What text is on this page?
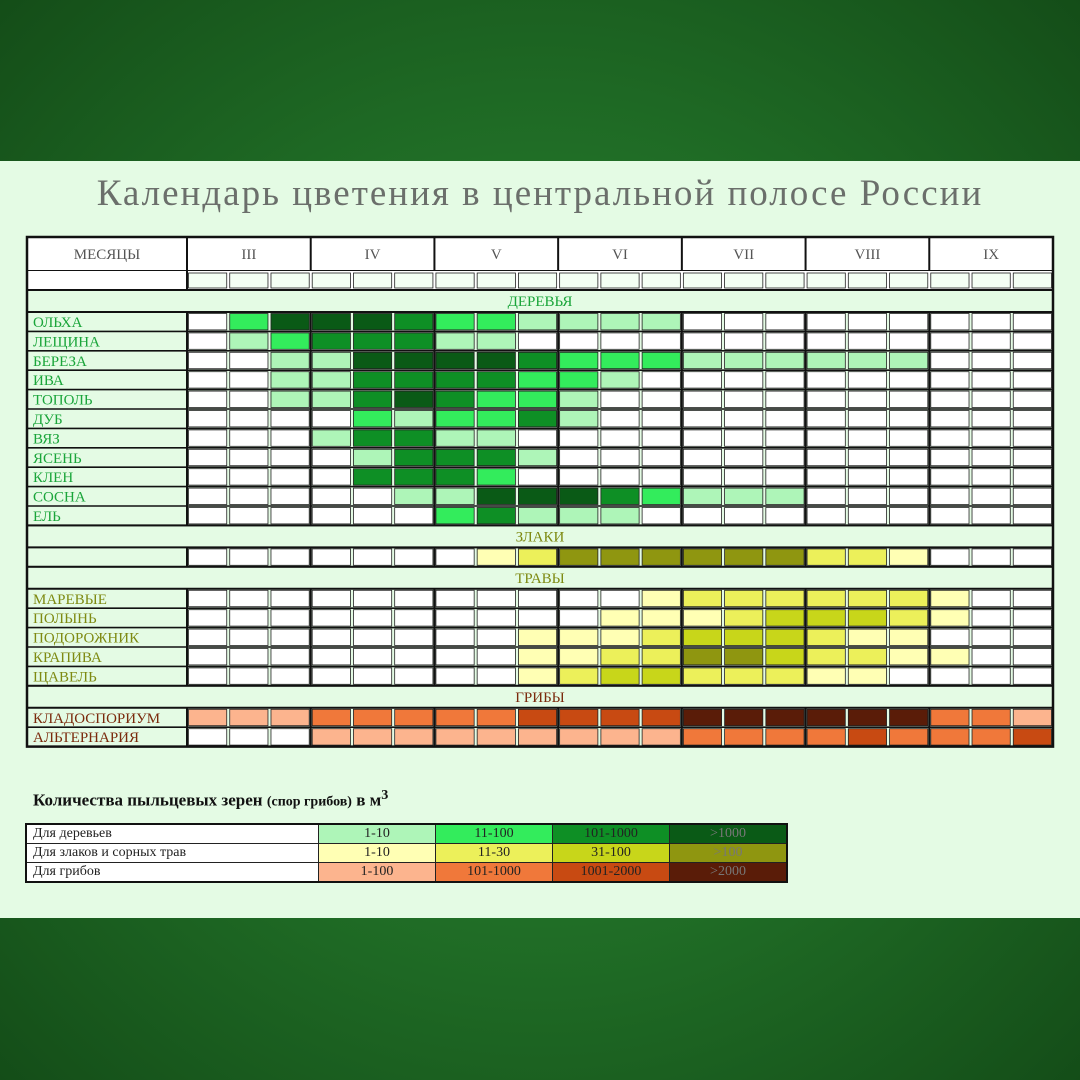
Календарь цветения в центральной полосе России
МЕСЯЦЫ	III	IV	V	VI	VII	VIII	IX
ДЕРЕВЬЯ
ОЛЬХА
ЛЕЩИНА
БЕРЕЗА
ИВА
ТОПОЛЬ
ДУБ
ВЯЗ
ЯСЕНЬ
КЛЕН
СОСНА
ЕЛЬ
ЗЛАКИ
ТРАВЫ
МАРЕВЫЕ
ПОЛЫНЬ
ПОДОРОЖНИК
КРАПИВА
ЩАВЕЛЬ
ГРИБЫ
КЛАДОСПОРИУМ
АЛЬТЕРНАРИЯ
Количества пыльцевых зерен (спор грибов) в $м^3$
Для деревьев	1-10	11-100	101-1000	>1000
Для злаков и сорных трав	1-10	11-30	31-100	>100
Для грибов	1-100	101-1000	1001-2000	>2000
